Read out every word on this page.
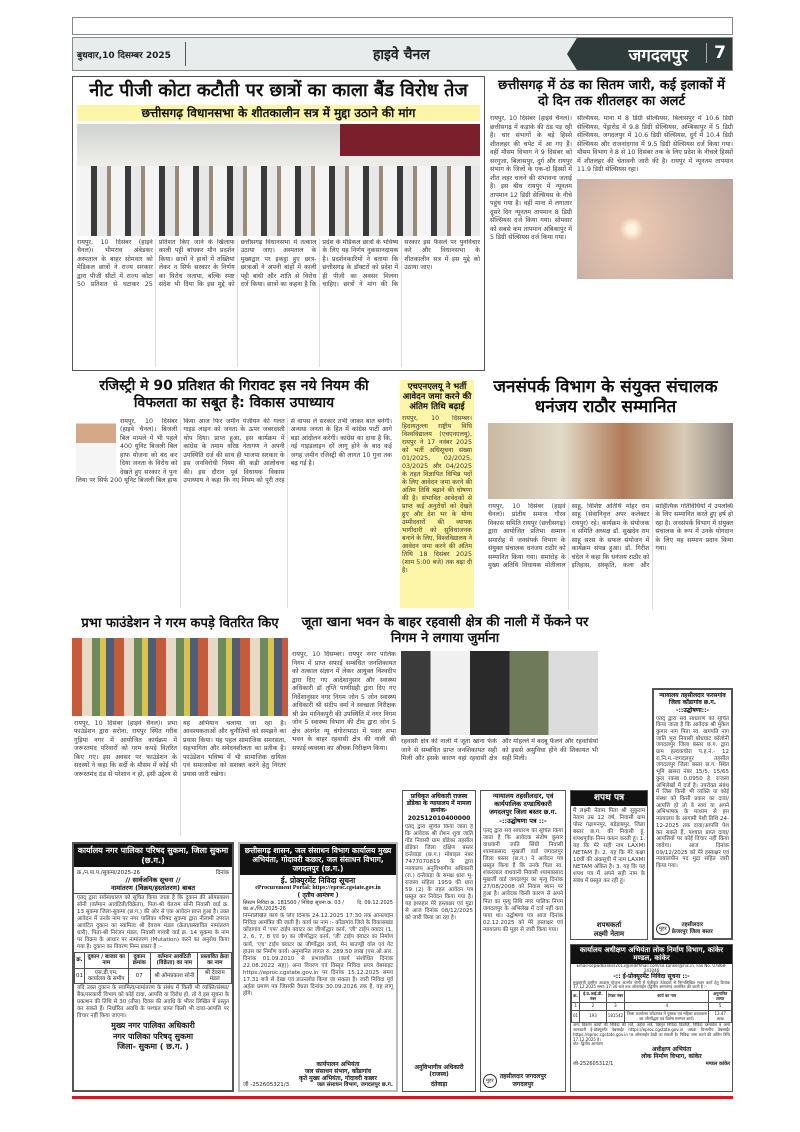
बुधवार,10 दिसम्बर 2025	हाइवे चैनल	जगदलपुर	7
नीट पीजी कोटा कटौती पर छात्रों का काला बैंड विरोध तेज
छत्तीसगढ़ विधानसभा के शीतकालीन सत्र में मुद्दा उठाने की मांग
रायपुर, 10 दिसंबर (हाइवे चैनल)। भीमराव अंबेडकर अस्पताल के बाहर सोमवार को मेडिकल छात्रों ने राज्य सरकार द्वारा पीजी सीटों में राज्य कोटा 50 प्रतिशत से घटाकर 25 प्रतिशत किए जाने के खिलाफ काली पट्टी बांधकर मौन प्रदर्शन किया। छात्रों ने हाथों में तख्तियां लेकर न सिर्फ सरकार के निर्णय का विरोध जताया, बल्कि स्पष्ट संदेश भी दिया कि इस मुद्दे को छत्तीसगढ़ विधानसभा में तत्काल उठाया जाए। अस्पताल के मुख्यद्वार पर इकट्ठा हुए छात्र-छात्राओं ने अपनी बांहों में काली पट्टी बांधी और शांति से विरोध दर्ज किया। छात्रों का कहना है कि प्रदेश के मेडिकल छात्रों के भविष्य के लिए यह निर्णय नुकसानदायक है। प्रदर्शनकारियों ने बताया कि छत्तीसगढ़ के डॉक्टरों को प्रदेश में ही पीजी का अवसर मिलना चाहिए। छात्रों ने मांग की कि सरकार इस फैसले पर पुनर्विचार करे और विधानसभा के शीतकालीन सत्र में इस मुद्दे को उठाया जाए।
छत्तीसगढ़ में ठंड का सितम जारी, कई इलाकों में दो दिन तक शीतलहर का अलर्ट
रायपुर, 10 दिसंबर (हाइवे चैनल)। छत्तीसगढ़ में कड़ाके की ठंड पड़ रही है। चार संभागों के बड़े हिस्से शीतलहर की चपेट में आ गए हैं। वहीं मौसम विभाग ने 9 दिसंबर को सरगुजा, बिलासपुर, दुर्ग और रायपुर संभाग के जिलों के एक-दो हिस्सों में शीत लहर चलने की संभावना जताई है। इस बीच रायपुर में न्यूनतम तापमान 12 डिग्री सेल्सियस के नीचे पहुंच गया है। वहीं माना में लगातार दूसरे दिन न्यूनतम तापमान 8 डिग्री सेल्सियस दर्ज किया गया। सोमवार को सबसे कम तापमान अंबिकापुर में 5 डिग्री सेल्सियस दर्ज किया गया।
सेल्सियस, माना में 8 डिग्री सेल्सियस, बिलासपुर में 10.6 डिग्री सेल्सियस, पेंड्रारोड में 9.8 डिग्री सेल्सियस, अम्बिकापुर में 5 डिग्री सेल्सियस, जगदलपुर में 10.6 डिग्री सेल्सियस, दुर्ग में 10.4 डिग्री सेल्सियस और राजनांदगांव में 9.5 डिग्री सेल्सियस दर्ज किया गया। मौसम विभाग ने 8 से 10 दिसंबर तक के लिए प्रदेश के नीचले हिस्सों में शीतलहर की चेतावनी जारी की है। रायपुर में न्यूनतम तापमान 11.9 डिग्री सेल्सियस रहा।
रजिस्ट्री मे 90 प्रतिशत की गिरावट इस नये नियम की विफलता का सबूत है: विकास उपाध्याय
रायपुर, 10 दिसंबर (हाइवे चैनल)। बिजली बिल मामले में भी पहले 400 यूनिट बिजली बिल हाफ योजना को बंद कर दिया जनता के विरोध को देखते हुए सरकार ने पुनः लिया पर सिर्फ 200 यूनिट बिजली बिल हाफ किया आज फिर जमीन पंजीयन की गलत गाइड लाइन को जनता के ऊपर जबरदस्ती थोप दिया। प्राप्त हुआ, इस कार्यक्रम में कांग्रेस के तमाम वरिष्ठ नेतागण ने अपनी उपस्थिति दर्ज की साथ ही भाजपा सरकार के इस जनविरोधी नियम की कड़ी आलोचना की। इस दौरान पूर्व विधायक विकास उपाध्याय ने कहा कि नए नियम को पूरी तरह से वापस ले सरकार तभी जाकर बात बनेगी। अन्यथा जनता के हित में कांग्रेस पार्टी आगे बड़ा आंदोलन करेगी। कांग्रेस का दावा है कि, नई गाइडलाइन दरें लागू होने के बाद कई जगह जमीन रजिस्ट्री की लागत 10 गुना तक बढ़ गई है।
एचएनएलयू ने भर्ती आवेदन जमा करने की अंतिम तिथि बढ़ाई
रायपुर, 10 दिसम्बर। हिदायतुल्ला राष्ट्रीय विधि विश्वविद्यालय (एचएनएलयू), रायपुर ने 17 नवंबर 2025 को भर्ती अधिसूचना संख्या 01/2025, 02/2025, 03/2025 और 04/2025 के तहत विज्ञापित विभिन्न पदों के लिए आवेदन जमा करने की अंतिम तिथि बढ़ाने की घोषणा की है। संभावित आवेदकों से प्राप्त कई अनुरोधों को देखते हुए और देश भर के योग्य उम्मीदवारों की व्यापक भागीदारी को सुविधाजनक बनाने के लिए, विश्वविद्यालय ने आवेदन जमा करने की अंतिम तिथि 18 दिसंबर 2025 (शाम 5:00 बजे) तक बढ़ा दी है।
जनसंपर्क विभाग के संयुक्त संचालक धनंजय राठौर सम्मानित
रायपुर, 10 दिसंबर (हाइवे चैनल)। प्रांतीय समाज गौरव विकास समिति रायपुर (छत्तीसगढ़) द्वारा आयोजित प्रतिभा सम्मान समारोह में जनसंपर्क विभाग के संयुक्त संचालक धनंजय राठौर को सम्मानित किया गया। समारोह के मुख्य अतिथि विधायक मोतीलाल साहू, विशिष्ट अतिथि मोहर राम साहू (सेवानिवृत्त अपर कलेक्टर रायपुर) रहे। कार्यक्रम के संयोजक व समिति अध्यक्ष डॉ. सुखदेव राम साहू सरस के सफल संयोजन में कार्यक्रम संपन्न हुआ। डॉ. गिरीश चंदेल ने कहा कि धनंजय राठौर को इतिहास, संस्कृति, कला और साहित्यिक गतिविधियों में उपलब्धि के लिए सम्मानित करते हुए हर्ष हो रहा है। जनसंपर्क विभाग में संयुक्त संचालक के रूप में उनके योगदान के लिए यह सम्मान प्रदान किया गया।
प्रभा फाउंडेशन ने गरम कपड़े वितरित किए
रायपुर, 10 दिसंबर (हाइवे चैनल)। प्रभा फाउंडेशन द्वारा सरोना, रायपुर स्थित गरीब गुड़िया नगर में आयोजित कार्यक्रम में जरूरतमंद परिवारों को गरम कपड़े वितरित किए गए। इस अवसर पर फाउंडेशन के सदस्यों ने कहा कि सर्दी के मौसम में कोई भी जरूरतमंद ठंड से परेशान न हो, इसी उद्देश्य से यह अभियान चलाया जा रहा है। आवश्यकताओं और चुनौतियों को समझने का प्रयास किया। यह पहल सामाजिक समरसता, सहभागिता और संवेदनशीलता का प्रतीक है। फाउंडेशन भविष्य में भी सामाजिक दायित्व एवं समाजसेवा को सशक्त करने हेतु निरंतर प्रयास जारी रखेगा।
जूता खाना भवन के बाहर रहवासी क्षेत्र की नाली में फेंकने पर निगम ने लगाया जुर्माना
रायपुर, 10 दिसम्बर। रायपुर नगर पालिक निगम में प्राप्त सफाई सम्बंधित जनशिकायत को तत्काल संज्ञान में लेकर आयुक्त विश्वदीप द्वारा दिए गए आदेशानुसार और स्वास्थ्य अधिकारी डॉ तृप्ति पाणीग्रही द्वारा दिए गए निर्देशानुसार नगर निगम जोन 5 जोन स्वास्थ्य अधिकारी श्री संदीप वर्मा ने स्वच्छता निरीक्षक श्री प्रेम मानिकपुरी की उपस्थिति में नगर निगम जोन 5 स्वास्थ्य विभाग की टीम द्वारा जोन 5 क्षेत्र अंतर्गत न्यू चंगोराभाठा में पवार सभा भवन के बाहर रहवासी क्षेत्र की नाली की सफाई व्यवस्था का औचक निरीक्षण किया।
रहवासी क्षेत्र की नाली में जूता खाना फेंके जाने से सम्बंधित प्राप्त जनशिकायत सही मिली और इसके कारण वहां रहवासी क्षेत्र और मोहल्ले में बदबू फैलने और रहवासियों को इससे असुविधा होने की शिकायत भी सही मिली।
कार्यालय नगर पालिका परिषद सुकमा, जिला सुकमा (छ.ग.)
क्र./न.पा.प./सुकमा/2025-26	दिनांक
// सार्वजनिक सूचना //
नामांतरण (विक्रय/हस्तांतरण) बाबत
एतद् द्वारा सर्वसाधारण को सूचित किया जाता है कि दुकान की ओमप्रकाश सोनी (वर्तमान आवंटिती/विक्रेता), पिता-श्री चेतराम सोनी निवासी वार्ड क्र. 13 सुकमा जिला-सुकमा (छ.ग.) की ओर से एक आवेदन प्राप्त हुआ है। उक्त आवेदन में उनके नाम पर नगर पालिका परिषद सुकमा द्वारा नीलामी उपरांत आवंटित दुकान का स्वामित्व श्री देवराम मंडल (क्रेता/प्रस्तावित नामांतरण धारी), पिता-श्री निरंजन मंडल, निवासी गायत्री वार्ड क्र. 14 सुकमा के नाम पर विक्रय के आधार पर नामांतरण (Mutation) करने का अनुरोध किया गया है। दुकान का विवरण निम्न प्रकार है :-
क्र.	दुकान / बाजार का नाम	दुकान क्रमांक	वर्तमान आवंटिती (विक्रेता) का नाम	प्रस्तावित क्रेता का नाम
01	एस.डी.एम. कार्यालय के समीप	07	श्री ओमप्रकाश सोनी	श्री देवराम मंडल
यदि उक्त दुकान के स्वामित्व/नामांतरण के संबंध में किसी भी व्यक्ति/संस्था/बैंक/सरकारी विभाग को कोई दावा, आपत्ति या विरोध हो, तो वे इस सूचना के प्रकाशन की तिथि से 30 (तीस) दिवस की अवधि के भीतर लिखित में प्रस्तुत कर सकते हैं। निर्धारित अवधि के पश्चात प्राप्त किसी भी दावा-आपत्ति पर विचार नहीं किया जाएगा।
मुख्य नगर पालिका अधिकारी
नगर पालिका परिषद् सुकमा
जिला- सुकमा ( छ.ग. )
छत्तीसगढ़ शासन, जल संसाधन विभाग कार्यालय मुख्य अभियंता, गोदावरी कछार, जल संसाधन विभाग, जगदलपुर (छ.ग.)
ई. प्रोक्यूरमेंट निविदा सूचना
eProcurement Portal: https://eproc.cgstate.gov.in
( तृतीय आमंत्रण )
सिस्टम निविदा क्र. 181500 / निविदा सूचना क्र. 03 /का.अ./जि./2025-26
दि. 09.12.2025
निम्नलिखित कार्य के लिए दिनांक 24.12.2025 17:30 तक ऑनलाईन निविदा आमंत्रित की जाती है। कार्य का नाम :- कोंडागांव जिले के विकासखंड कोंडागांव में 'एफ' टाईप क्वाटर का जीर्णोद्धार कार्य, 'जी' टाईप क्वाटर (1, 2, 6, 7, 8 एवं 9) का जीर्णोद्धार कार्य, 'जी' टाईप क्वाटर का निर्माण कार्य, 'एच' टाईप क्वाटर का जीर्णोद्धार कार्य, मेन बाउण्ड्री वॉल एवं गेट हाउस का निर्माण कार्य। अनुमानित लागत रु. 289.50 लाख (एस.ओ.आर. दिनांक 01.09.2010 से प्रभावशील (कार्य संशोधित दिनांक 22.08.2022 सह)) अन्य विवरण एवं विस्तृत निविदा प्रपत्र वेबसाइट https://eproc.cgstate.gov.in पर दिनांक 15.12.2025 समय 17.31 बजे से देखा एवं डाउनलोड किया जा सकता है। जारी निविदा पूर्व अर्हता प्रमाण पत्र जिसकी वैधता दिनांक 30.09.2026 तक है, वह लागू होंगे।
कार्यपालन अभियंता
जल संसाधन संभाग, कोंडागांव
कृते मुख्य अभियंता, गोदावरी कछार
जी -252605321/3	जल संसाधन विभाग, जगदलपुर छ.ग.
प्राधिकृत अधिकारी राजस्व डोंडेका के न्यायालय में मामला क्रमांक- 202512010400000
एतद् द्वारा सूचित किया जाता है कि आवेदक श्री रोशन शुवा जाति गोंड निवासी ग्राम डोंडेका तहसील डोंडेका जिला दक्षिण बस्तर दन्तेवाड़ा (छ.ग.) मोबाइल नंबर 7477070819 के द्वारा न्यायालय अनुविभागीय अधिकारी (रा.) दन्तेवाड़ा के समक्ष धारा भू-राजस्व संहिता 1959 की धारा 59 (2) के तहत आवेदन पत्र प्रस्तुत कर निवेदन किया गया है। यह इश्तहार मेरे हस्ताक्षर एवं मुद्रा से आज दिनांक 08/12/2025 को जारी किया जा रहा है।
अनुविभागीय अधिकारी (राजस्व)
दंतेवाड़ा
न्यायालय तहसीलदार, एवं कार्यपालिक दण्डाधिकारी जगदलपुर जिला बस्तर छ.ग.
-::उद्घोषणा पत्र ::-
एतद् द्वारा सर्व साधारण को सूचित किया जाता है कि आवेदक संतोष कुमार वाधवानी जाति सिंधी निवासी श्यामाप्रसाद मुखर्जी वार्ड जगदलपुर जिला बस्तर (छ.ग.) ने आवेदन पत्र प्रस्तुत किया है कि उनके पिता स्व. शंकरलाल वाधवानी निवासी श्यामाप्रसाद मुखर्जी वार्ड जगदलपुर का मृत्यु दिनांक 27/08/2008 को निवास स्थान पर हुआ है। आवेदक किसी कारण से अपने पिता का मृत्यु तिथि नगर पालिक निगम जगदलपुर के अभिलेख में दर्ज नहीं करा पाया था। उद्घोषणा पत्र आज दिनांक 02.12.2025 को मेरे हस्ताक्षर एवं न्यायालय की मुहर से जारी किया गया।
मुहर
तहसीलदार जगदलपुर
जगदलपुर
शपथ पत्र
मैं लक्ष्मी नेताम पिता श्री सुकुराम नेताम उम्र 12 वर्ष, निवासी ग्राम पोस्ट गढ़ागनपुर, बड़ेड़ाबपुर, जिला बस्तर छ.ग. की निवासी हूं, शपथपूर्वक निम्न कथन करती हूं। 1. यह कि मेरे सही नाम LAXMI NETAM है। 2. यह कि मेरे कक्षा 10वीं की अंकसूची में नाम LAXMI NETAM अंकित है। 3. यह कि यह शपथ पत्र मैं अपने सही नाम के संबंध में प्रस्तुत कर रही हूं।
शपथकर्ता
लक्ष्मी नेताम
न्यायालय तहसीलदार फरसगांव जिला कोंडागांव छ.ग.
-::उद्घोषणा::-
एतद् द्वारा सर्व साधारण को सूचित किया जाता है कि आवेदक श्री मुकेश कुमार नाग पिता स्व. खगपति नाग जाति भुरा निवासी बोधघाट कॉलोनी जगदलपुर जिला बस्तर छ.ग. द्वारा ग्राम हल्दकचोरा प.ह.नं.- 12 रा.नि.म.-जगदलपुर तहसील जगदलपुर जिला बस्तर छ.ग. स्थित भूमि खसरा नंबर 15/5, 15/65 कुल रकबा 0.0950 हे. राजस्व अभिलेखों में दर्ज है। उपरोक्त संबंध में जिस किसी भी व्यक्ति या कोई संस्था को किसी प्रकार का दावा/आपत्ति हो तो वे स्वयं या अपने अभिभाषक के माध्यम से इस न्यायालय के आगामी पेशी तिथि 24-12-2025 तक दावा/आपत्ति पेश कर सकते हैं, पश्चात प्राप्त दावा/आपत्तियों पर कोई विचार नहीं किया जावेगा। आज दिनांक 09/12/2025 को मेरे हस्ताक्षर एवं न्यायालयीन पद मुद्रा सहित जारी किया गया।
मुहर
तहसीलदार
फ्रेजरपुर जिला बस्तर
कार्यालय अधीक्षण अभियंता लोक निर्माण विभाग, कांकेर मण्डल, कांकेर
Email-sepwdkanker2013@rediffmail.com/se.kanker@nic.in, Fax No. 07868-241046
-:: ई-प्रोक्यूरमेंट निविदा सूचना ::-
मुख्यमंत्री ग्रामीण आवास योजना अंतर्गत श्रेणी में पंजीकृत ठेकेदारों से निम्नलिखित भवन कार्य हेतु दिनांक 17.12.2025 समय 17:30 बजे तक ऑनलाईन (द्वितीय आमंत्रण) आमंत्रित की जाती है :-
क्र.	ई.प्र.आई.डी. नंबर	टेण्डर नंबर	कार्य का नाम	अनुमानित लागत
1	2	3	4	5
01	193	181542	जिला कार्यालय कोंडागांव में पुस्तक एवं महिला छात्रावास का जीर्णोद्धार एवं विशेष मरम्मत कार्य।	13.47 लाख
अन्य विवरण कार्यों की निविदा की शर्तें, अर्हता शर्ते, विस्तृत निविदा विज्ञप्ति, निविदा दस्तावेज व अन्य जानकारी ई-प्रोक्यूरमेंट वेबसाईट https://eproc.cgstate.gov.in अथवा विभागीय वेबसाईट https://eproc.cgstate.gov.in पर ऑनलाईन देखी जा सकती है। निविदा जमा करने की अंतिम तिथि 17.12.2025 है।
नोट- द्वितीय आमंत्रण
अधीक्षण अभियंता
लोक निर्माण विभाग, कांकेर
जी-252605312/1	मण्डल कांकेर
